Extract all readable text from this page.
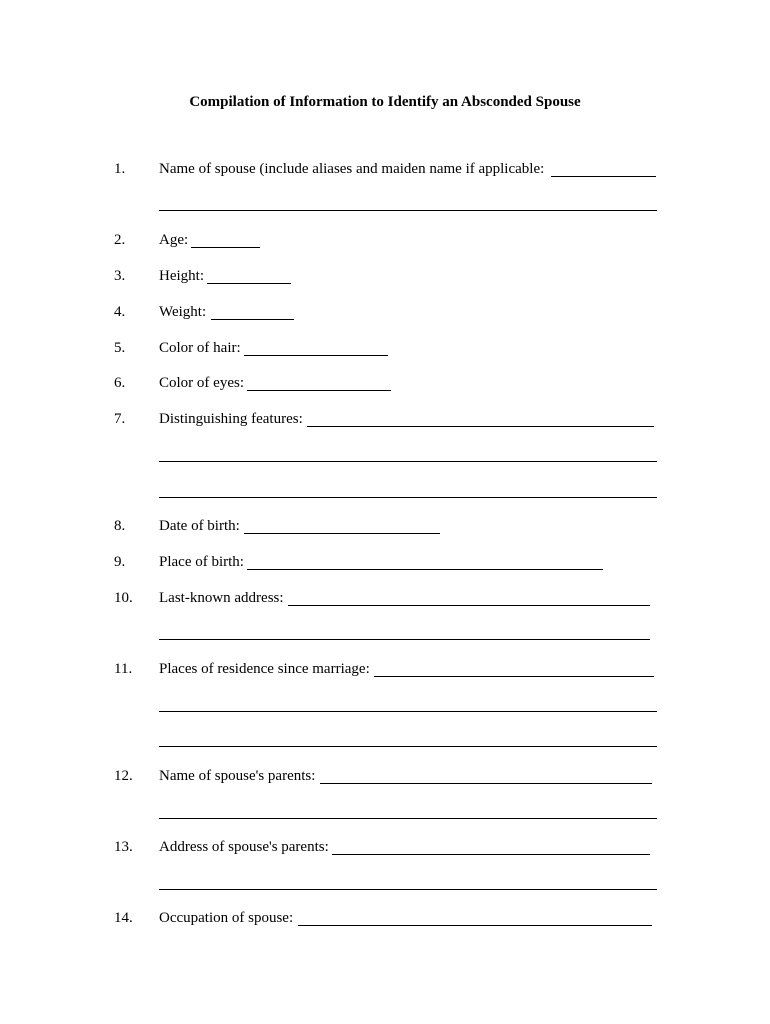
Compilation of Information to Identify an Absconded Spouse
1. Name of spouse (include aliases and maiden name if applicable:
2. Age:
3. Height:
4. Weight:
5. Color of hair:
6. Color of eyes:
7. Distinguishing features:
8. Date of birth:
9. Place of birth:
10. Last-known address:
11. Places of residence since marriage:
12. Name of spouse's parents:
13. Address of spouse's parents:
14. Occupation of spouse:
